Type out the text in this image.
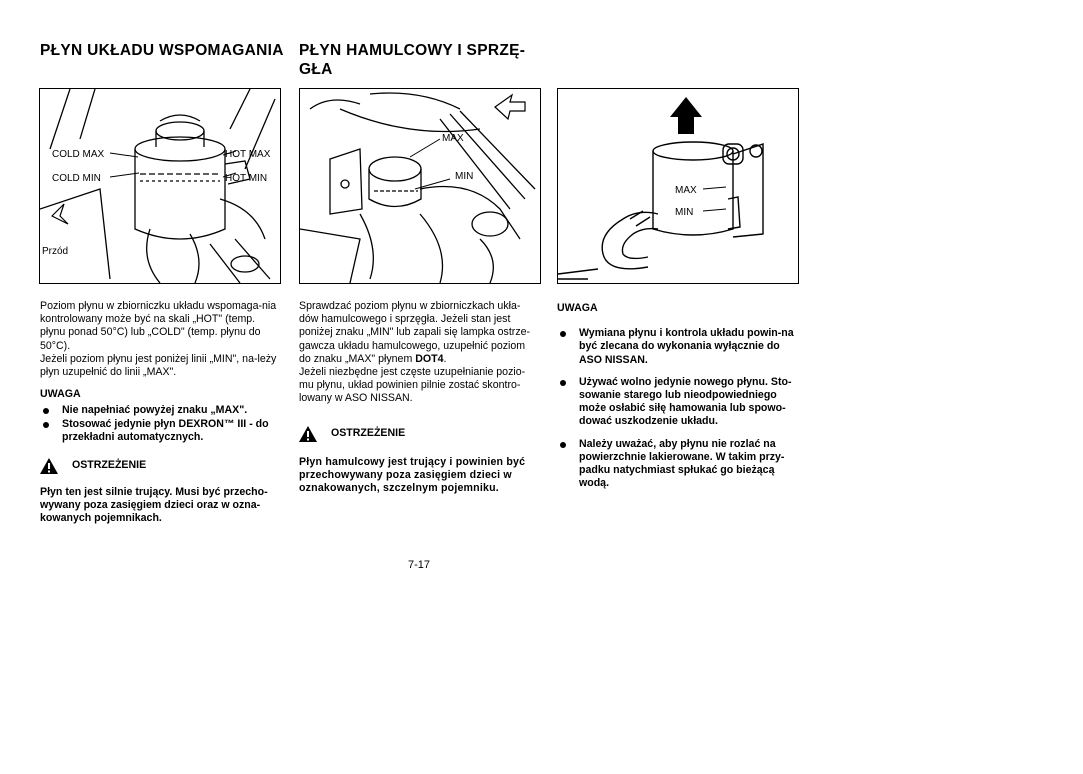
PŁYN UKŁADU WSPOMAGANIA PŁYN HAMULCOWY I SPRZĘ-
GŁA
COLD MAX
COLD MIN
HOT MAX
HOT MIN
Przód
MAX
MIN
MAX
MIN

Poziom płynu w zbiorniczku układu wspomaga-nia kontrolowany może być na skali „HOT" (temp. płynu ponad 50°C) lub „COLD" (temp. płynu do 50°C).

Jeżeli poziom płynu jest poniżej linii „MIN", na-leży płyn uzupełnić do linii „MAX".

UWAGA

Nie napełniać powyżej znaku „MAX".
Stosować jedynie płyn DEXRON™ III - do przekładni automatycznych.
OSTRZEŻENIE

Płyn ten jest silnie trujący. Musi być przecho-wywany poza zasięgiem dzieci oraz w ozna-kowanych pojemnikach.

Sprawdzać poziom płynu w zbiorniczkach ukła-dów hamulcowego i sprzęgła. Jeżeli stan jest poniżej znaku „MIN" lub zapali się lampka ostrze-gawcza układu hamulcowego, uzupełnić poziom do znaku „MAX" płynem DOT4.

Jeżeli niezbędne jest częste uzupełnianie pozio-mu płynu, układ powinien pilnie zostać skontro-lowany w ASO NISSAN.

OSTRZEŻENIE

Płyn hamulcowy jest trujący i powinien być przechowywany poza zasięgiem dzieci w oznakowanych, szczelnym pojemniku.

UWAGA

Wymiana płynu i kontrola układu powin-na być zlecana do wykonania wyłącznie do ASO NISSAN.
Używać wolno jedynie nowego płynu. Sto-sowanie starego lub nieodpowiedniego może osłabić siłę hamowania lub spowo-dować uszkodzenie układu.
Należy uważać, aby płynu nie rozlać na powierzchnie lakierowane. W takim przy-padku natychmiast spłukać go bieżącą wodą.
7-17
